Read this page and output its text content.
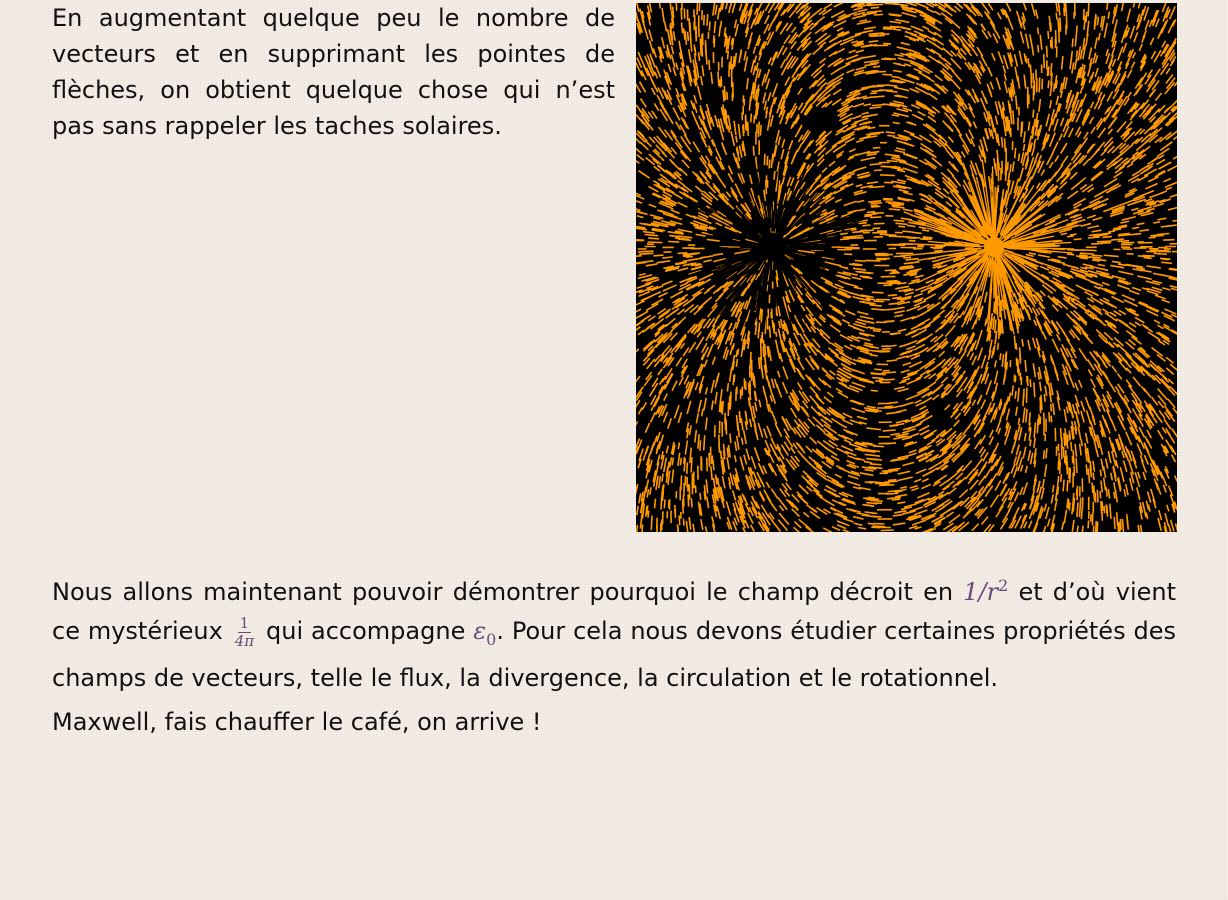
En augmentant quelque peu le nombre de vecteurs et en supprimant les pointes de flèches, on obtient quelque chose qui n’est pas sans rappeler les taches solaires.

Nous allons maintenant pouvoir démontrer pourquoi le champ décroit en $1/r^2$ et d’où vient ce mystérieux $\frac{1}{4\pi}$ qui accompagne $\varepsilon_0$. Pour cela nous devons étudier certaines propriétés des champs de vecteurs, telle le flux, la divergence, la circulation et le rotationnel.

Maxwell, fais chauffer le café, on arrive !
